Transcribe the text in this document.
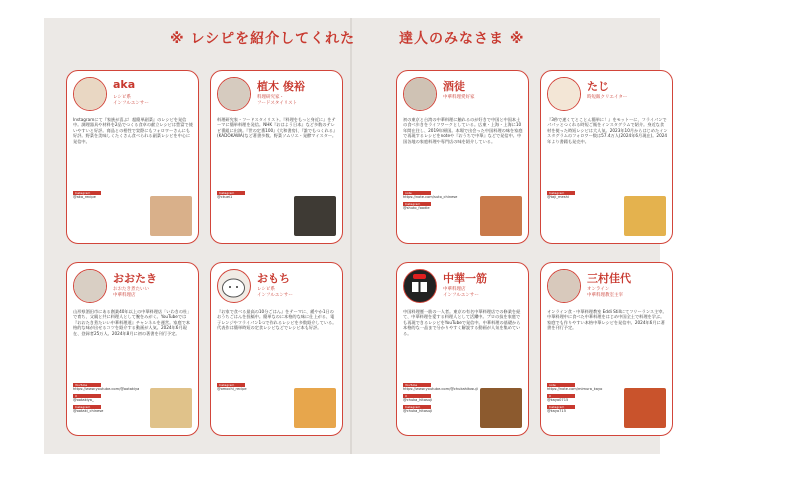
※ レシピを紹介してくれた	達人のみなさま ※
aka
レシピ系
インフルエンサー
Instagramにて『家族が喜ぶ！超簡単副菜』のレシピを発信中。調理器具や材料を2品でつくる食卓の献立レシピは豊富で使いやすいと好評。商品との相性で実際にもフォロワーさんにも好評。野菜を美味しくたくさん食べられる副菜レシピを中心に発信中。
Instagram
@aka_recipe
植木 俊裕
料理研究家・
フードスタイリスト
料理研究家・フードスタイリスト。『料理をもっと身近に』をテーマに簡単料理を発信。NHK『おはよう日本』など多数のテレビ番組に出演。『世の定番100』(大和書房)、『誰でもつくれる』(KADOKAWA)など著書多数。野菜ソムリエ・発酵マイスター。
Instagram
@ckuei1
酒徒
中華料理愛好家
初の東京と台湾の中華料理に触れるのが好きで中国と中国本土の食べ歩きをライフワークとしている。広東・上海・上海に10年間在住し、2019年帰国。本場で出会った中国料理の味を家庭で再現するレシピをnoteや『おうちで中華』などで発信中。中国各地の家庭料理や専門店の味を紹介している。
note
https://note.com/suto_chinese
Instagram
@shuto_foodie
たじ
時短飯クリエイター
『3秒で速くてとことん簡単に！』をモットーに、フライパンでパパッとつくれる時短ご飯をインスタグラムで紹介。身近な食材を使った時短レシピは大人気。2023年10月からはじめたインスタグラムのフォロワー数は57.4万人(2024年6月現在)。2024年より書籍も発売中。
Instagram
@taji_meshi
おおたき
おおたき煮たいい
中華料理店
山形県酒田市にある創業40年以上の中華料理店「いわきの杜」で育ち、父親と共に料理人として腕をみがく。YouTubeでは『おおたき煮たいい中華料理道』チャンネルを運営。家庭で本格的な味が出せるコツを紹介する動画が人気。2024年6月現在、登録者25万人。2024年8月に初の著書を刊行予定。
YouTube
https://www.youtube.com/@ootakiya
X
@ootakiya_
Instagram
@ootaki_chinese
おもち
レシピ系
インフルエンサー
『お家で食べる最高の10分ごはん』をテーマに、緩やか1日のおうちごはんを投稿中。簡単なのに本格的な味に仕上がる、電子レンジやフライパン1つで作れるレシピを多数紹介している。代表作は簡単時短の定食レシピなどでレシピ本も好評。
Instagram
@omochi_recipe
中華一筋
中華料理店
インフルエンサー
中国料理歴一筋の一人者。東京の有名中華料理店での修業を経て、中華料理を愛する料理人として活躍中。プロの技を家庭でも再現できるレシピをYouTubeで発信中。中華料理の基礎から本格的な一品まで分かりやすく解説する動画が人気を集めている。
YouTube
https://www.youtube.com/@chukahitosuji
X
@chuka_hitosuji
Instagram
@chuka_hitosuji
三村佳代
オンライン
中華料理教室主宰
オンライン食・中華料理教室 Eddi Stillにてフリーランス主宰。中華料理中に食べた中華料理をはじめ中国全土で料理を学ぶ。家庭でも作りやすい本格中華レシピを発信中。2024年6月に著書を刊行予定。
note
https://note.com/mimura_kayo
X
@kayo0715
Instagram
@kayo715
